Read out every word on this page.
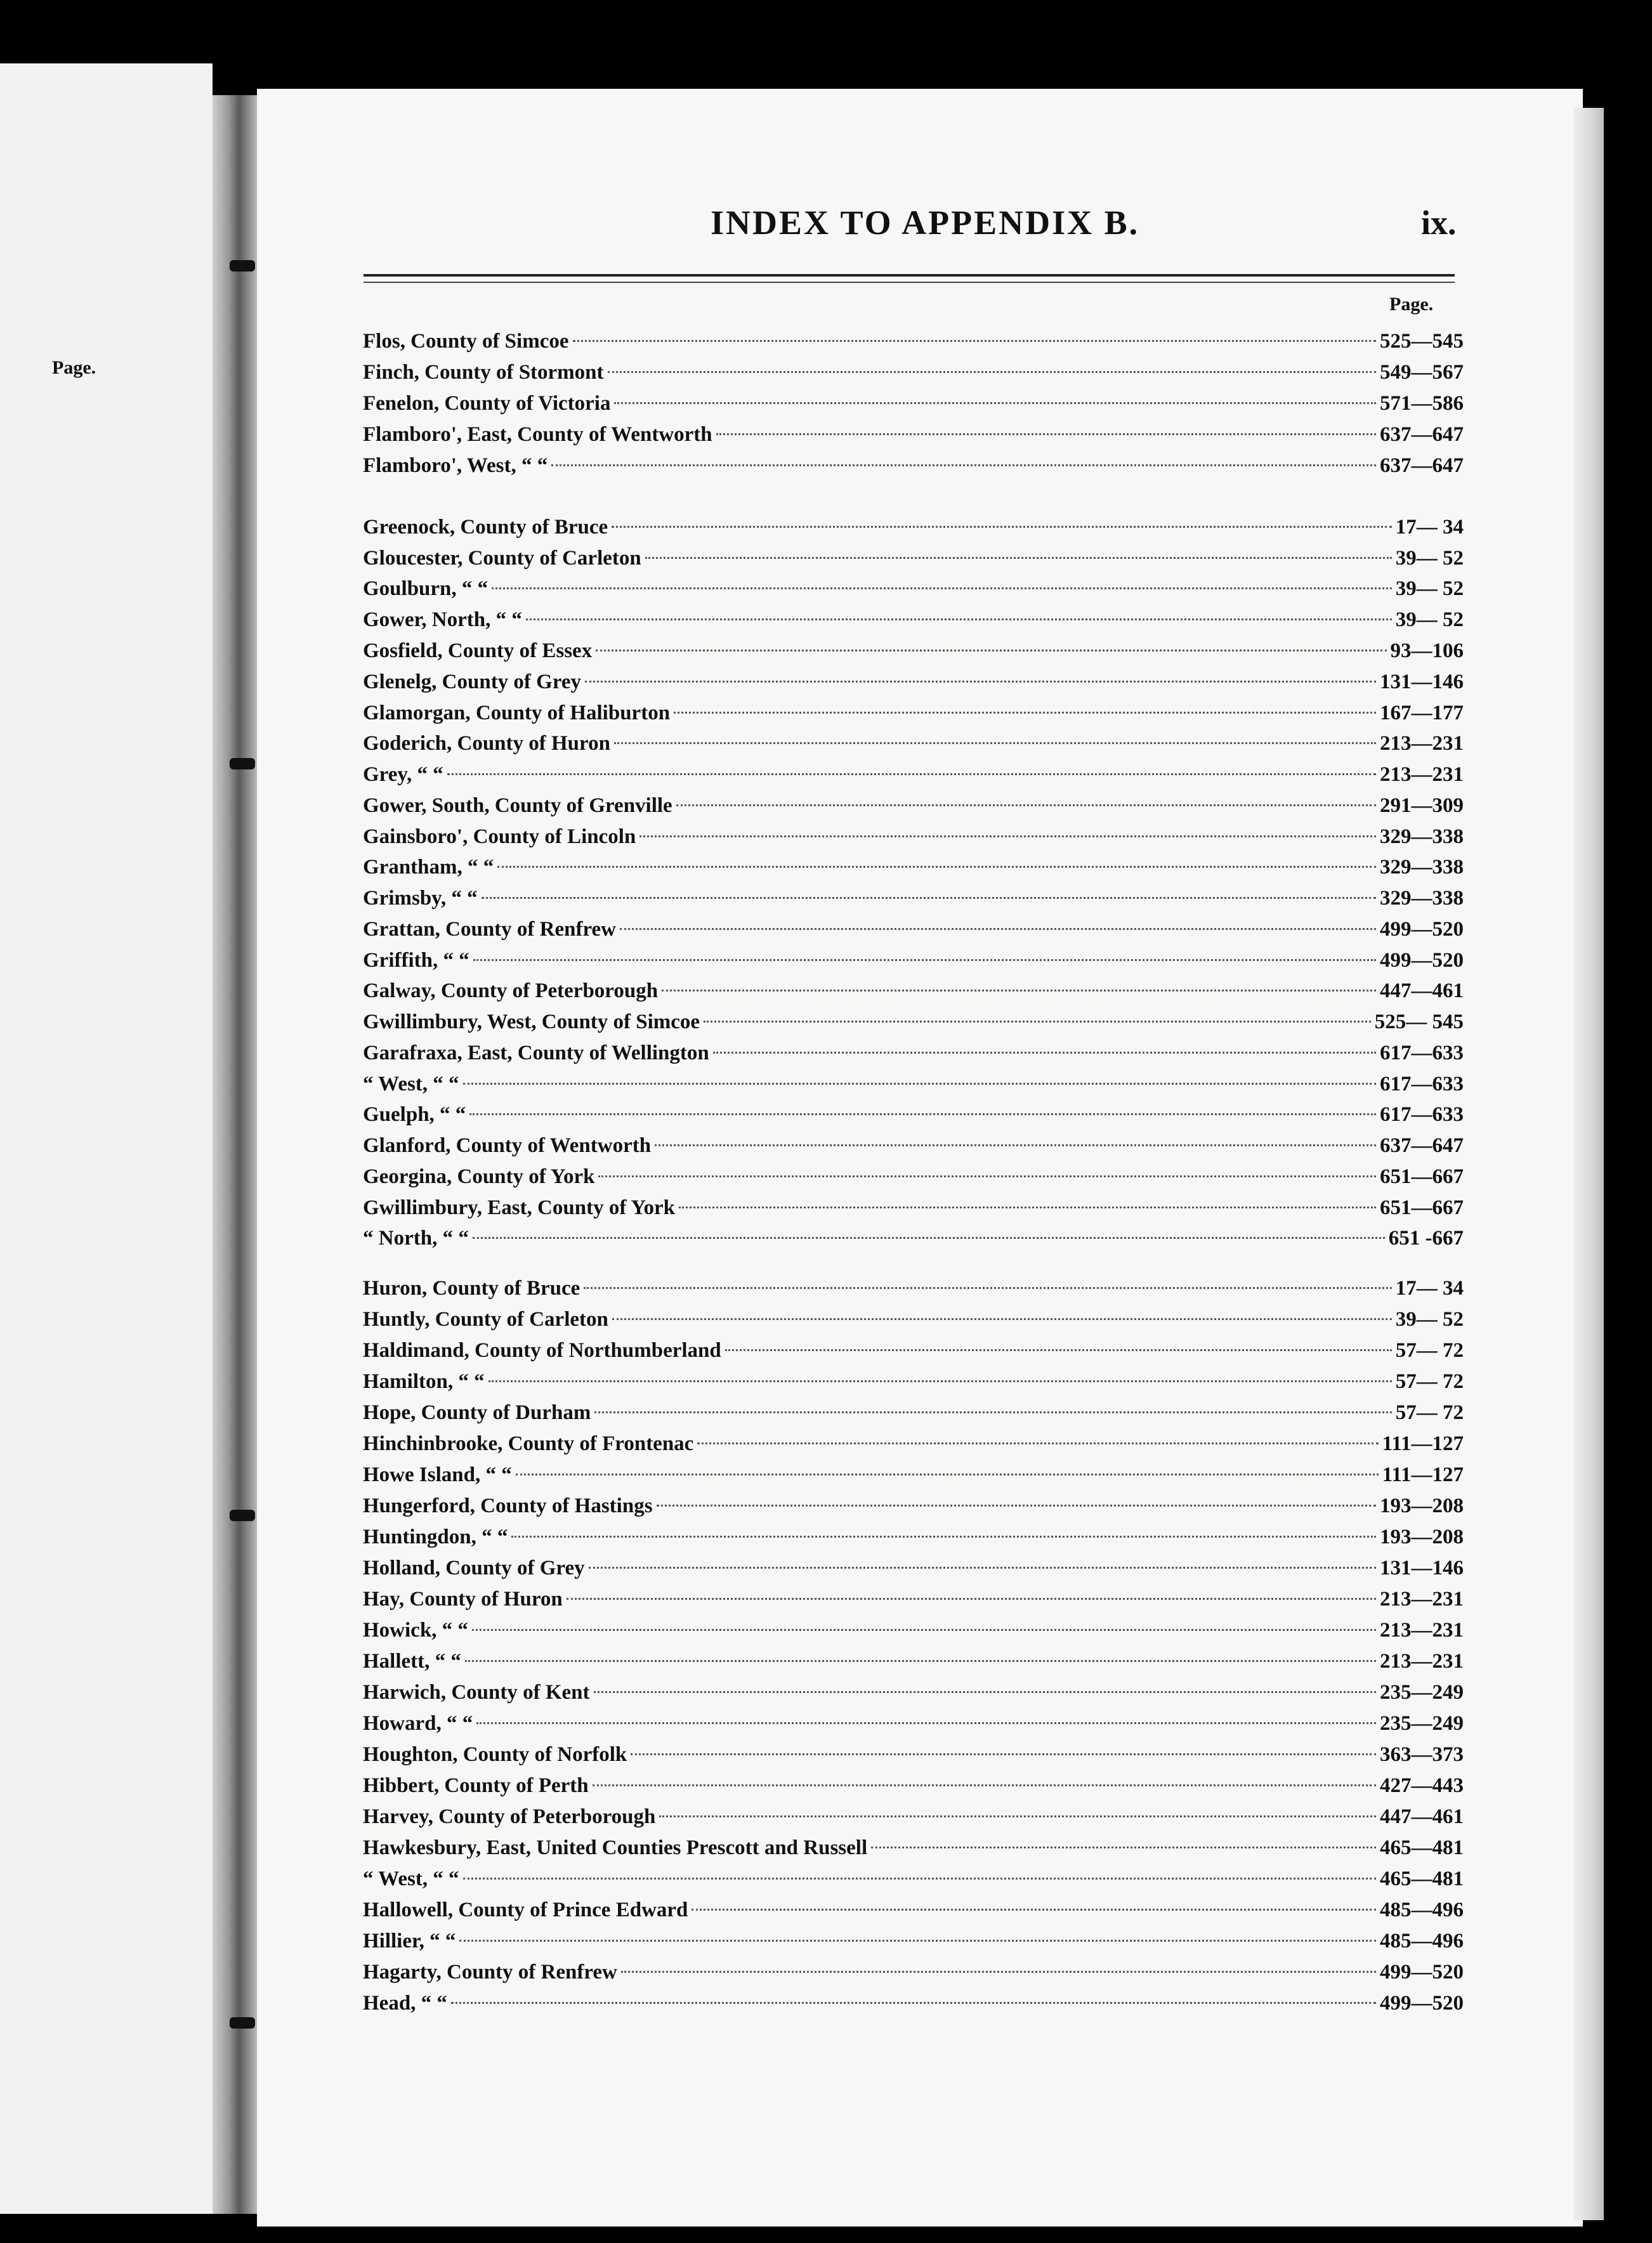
Page.
INDEX TO APPENDIX B.	ix.
Page.
Flos, County of Simcoe	525—545
Finch, County of Stormont	549—567
Fenelon, County of Victoria	571—586
Flamboro', East, County of Wentworth	637—647
Flamboro', West, “ “	637—647
Greenock, County of Bruce	17— 34
Gloucester, County of Carleton	39— 52
Goulburn, “ “	39— 52
Gower, North, “ “	39— 52
Gosfield, County of Essex	93—106
Glenelg, County of Grey	131—146
Glamorgan, County of Haliburton	167—177
Goderich, County of Huron	213—231
Grey, “ “	213—231
Gower, South, County of Grenville	291—309
Gainsboro', County of Lincoln	329—338
Grantham, “ “	329—338
Grimsby, “ “	329—338
Grattan, County of Renfrew	499—520
Griffith, “ “	499—520
Galway, County of Peterborough	447—461
Gwillimbury, West, County of Simcoe	525— 545
Garafraxa, East, County of Wellington	617—633
“ West, “ “	617—633
Guelph, “ “	617—633
Glanford, County of Wentworth	637—647
Georgina, County of York	651—667
Gwillimbury, East, County of York	651—667
“ North, “ “	651 -667
Huron, County of Bruce	17— 34
Huntly, County of Carleton	39— 52
Haldimand, County of Northumberland	57— 72
Hamilton, “ “	57— 72
Hope, County of Durham	57— 72
Hinchinbrooke, County of Frontenac	111—127
Howe Island, “ “	111—127
Hungerford, County of Hastings	193—208
Huntingdon, “ “	193—208
Holland, County of Grey	131—146
Hay, County of Huron	213—231
Howick, “ “	213—231
Hallett, “ “	213—231
Harwich, County of Kent	235—249
Howard, “ “	235—249
Houghton, County of Norfolk	363—373
Hibbert, County of Perth	427—443
Harvey, County of Peterborough	447—461
Hawkesbury, East, United Counties Prescott and Russell	465—481
“ West, “ “	465—481
Hallowell, County of Prince Edward	485—496
Hillier, “ “	485—496
Hagarty, County of Renfrew	499—520
Head, “ “	499—520
